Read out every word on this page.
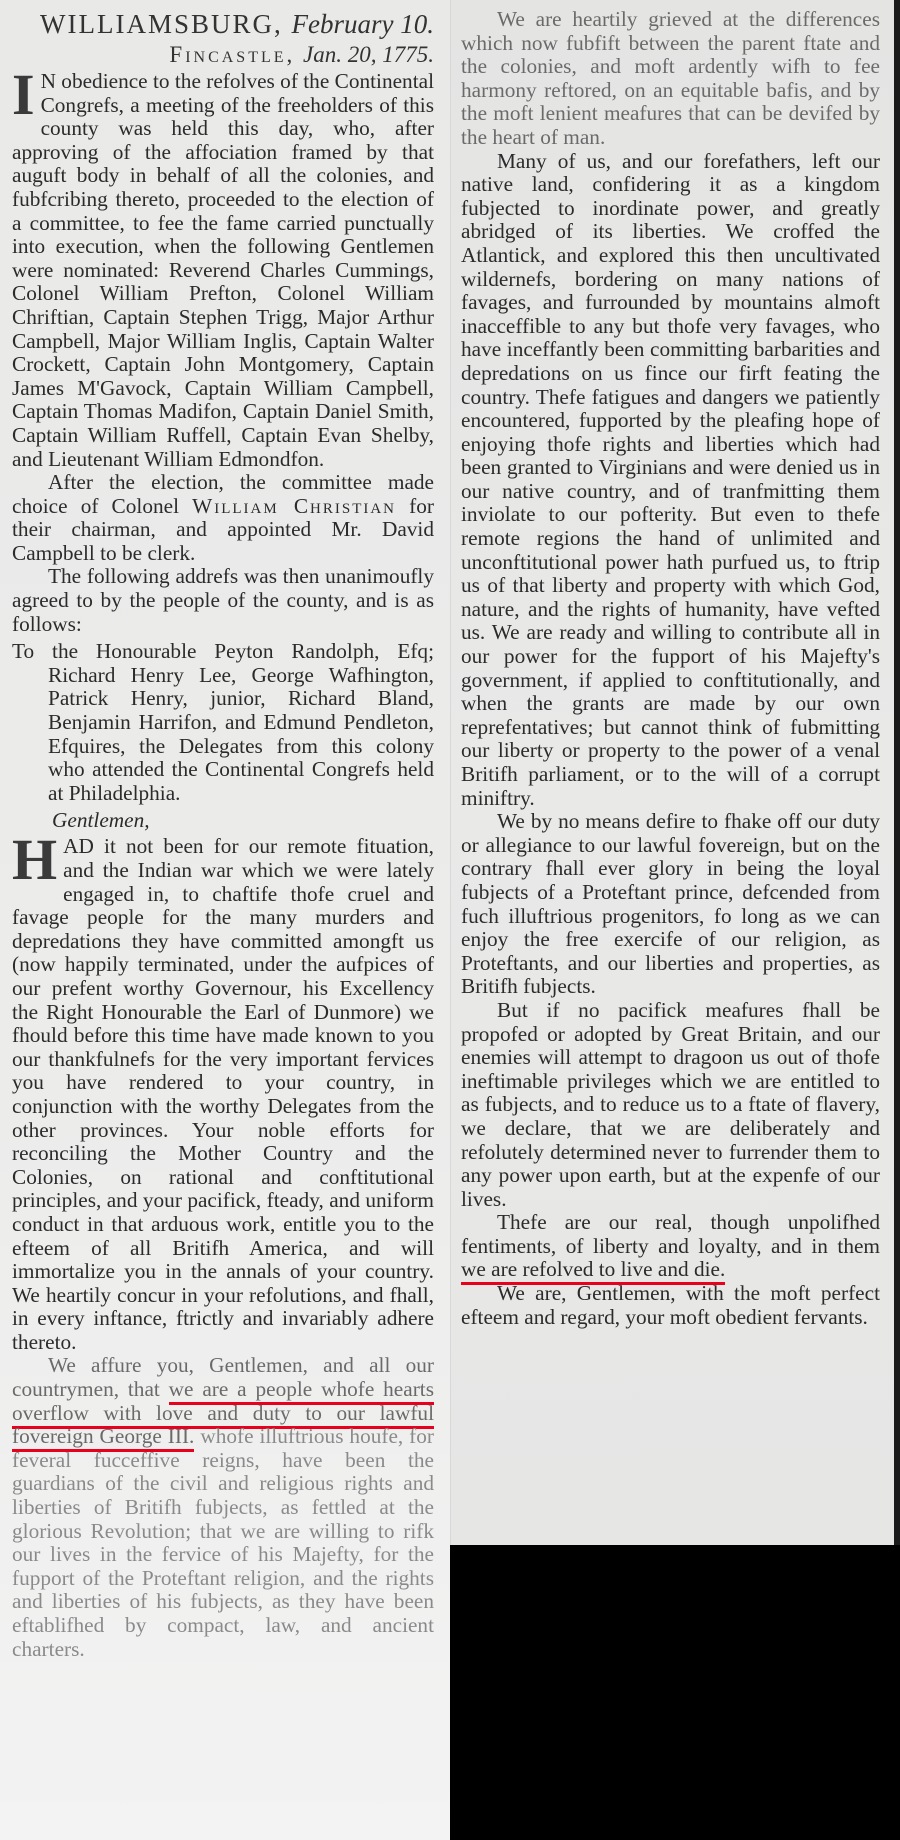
WILLIAMSBURG, February 10.
Fincastle, Jan. 20, 1775.

I N obedience to the refolves of the Continental Congrefs, a meeting of the freeholders of this county was held this day, who, after approving of the affociation framed by that auguft body in behalf of all the colonies, and fubfcribing thereto, proceeded to the election of a committee, to fee the fame carried punctually into execution, when the following Gentlemen were nominated: Reverend Charles Cummings, Colonel William Prefton, Colonel William Chriftian, Captain Stephen Trigg, Major Arthur Campbell, Major William Inglis, Captain Walter Crockett, Captain John Montgomery, Captain James M'Gavock, Captain William Campbell, Captain Thomas Madifon, Captain Daniel Smith, Captain William Ruffell, Captain Evan Shelby, and Lieutenant William Edmondfon.

After the election, the committee made choice of Colonel William Christian for their chairman, and appointed Mr. David Campbell to be clerk.

The following addrefs was then unanimoufly agreed to by the people of the county, and is as follows:

To the Honourable Peyton Randolph, Efq; Richard Henry Lee, George Wafhington, Patrick Henry, junior, Richard Bland, Benjamin Harrifon, and Edmund Pendleton, Efquires, the Delegates from this colony who attended the Continental Congrefs held at Philadelphia.

Gentlemen,

HAD it not been for our remote fituation, and the Indian war which we were lately engaged in, to chaftife thofe cruel and favage people for the many murders and depredations they have committed amongft us (now happily terminated, under the aufpices of our prefent worthy Governour, his Excellency the Right Honourable the Earl of Dunmore) we fhould before this time have made known to you our thankfulnefs for the very important fervices you have rendered to your country, in conjunction with the worthy Delegates from the other provinces. Your noble efforts for reconciling the Mother Country and the Colonies, on rational and conftitutional principles, and your pacifick, fteady, and uniform conduct in that arduous work, entitle you to the efteem of all Britifh America, and will immortalize you in the annals of your country. We heartily concur in your refolutions, and fhall, in every inftance, ftrictly and invariably adhere thereto.

We affure you, Gentlemen, and all our countrymen, that we are a people whofe hearts overflow with love and duty to our lawful fovereign George III. whofe illuftrious houfe, for feveral fucceffive reigns, have been the guardians of the civil and religious rights and liberties of Britifh fubjects, as fettled at the glorious Revolution; that we are willing to rifk our lives in the fervice of his Majefty, for the fupport of the Proteftant religion, and the rights and liberties of his fubjects, as they have been eftablifhed by compact, law, and ancient charters.

We are heartily grieved at the differences which now fubfift between the parent ftate and the colonies, and moft ardently wifh to fee harmony reftored, on an equitable bafis, and by the moft lenient meafures that can be devifed by the heart of man.

Many of us, and our forefathers, left our native land, confidering it as a kingdom fubjected to inordinate power, and greatly abridged of its liberties. We croffed the Atlantick, and explored this then uncultivated wildernefs, bordering on many nations of favages, and furrounded by mountains almoft inacceffible to any but thofe very favages, who have inceffantly been committing barbarities and depredations on us fince our firft feating the country. Thefe fatigues and dangers we patiently encountered, fupported by the pleafing hope of enjoying thofe rights and liberties which had been granted to Virginians and were denied us in our native country, and of tranfmitting them inviolate to our pofterity. But even to thefe remote regions the hand of unlimited and unconftitutional power hath purfued us, to ftrip us of that liberty and property with which God, nature, and the rights of humanity, have vefted us. We are ready and willing to contribute all in our power for the fupport of his Majefty's government, if applied to conftitutionally, and when the grants are made by our own reprefentatives; but cannot think of fubmitting our liberty or property to the power of a venal Britifh parliament, or to the will of a corrupt miniftry.

We by no means defire to fhake off our duty or allegiance to our lawful fovereign, but on the contrary fhall ever glory in being the loyal fubjects of a Proteftant prince, defcended from fuch illuftrious progenitors, fo long as we can enjoy the free exercife of our religion, as Proteftants, and our liberties and properties, as Britifh fubjects.

But if no pacifick meafures fhall be propofed or adopted by Great Britain, and our enemies will attempt to dragoon us out of thofe ineftimable privileges which we are entitled to as fubjects, and to reduce us to a ftate of flavery, we declare, that we are deliberately and refolutely determined never to furrender them to any power upon earth, but at the expenfe of our lives.

Thefe are our real, though unpolifhed fentiments, of liberty and loyalty, and in them we are refolved to live and die.

We are, Gentlemen, with the moft perfect efteem and regard, your moft obedient fervants.
